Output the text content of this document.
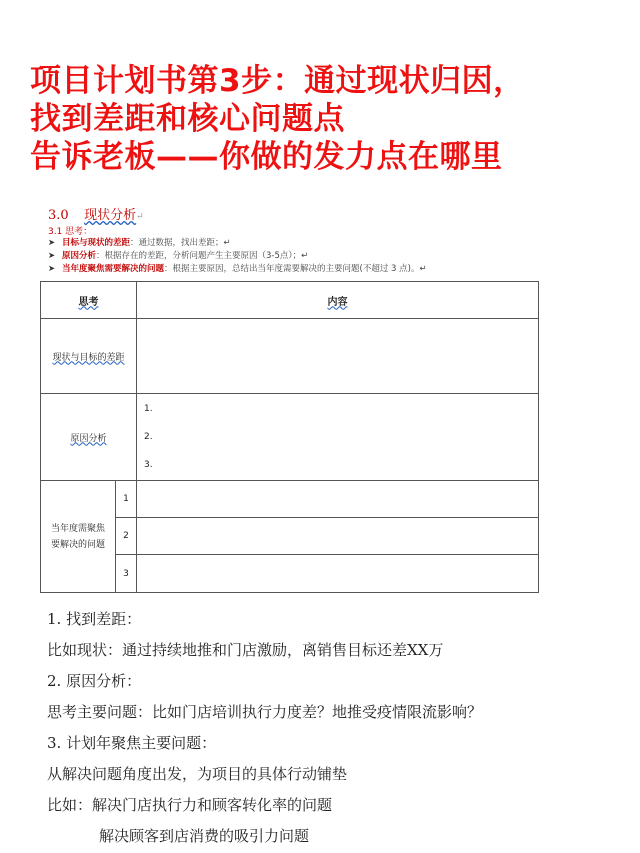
项目计划书第3步：通过现状归因，
找到差距和核心问题点
告诉老板——你做的发力点在哪里
3.0 现状分析↵
3.1 思考：
➤ 目标与现状的差距：通过数据，找出差距；↵
➤ 原因分析：根据存在的差距，分析问题产生主要原因（3-5点）；↵
➤ 当年度聚焦需要解决的问题：根据主要原因，总结出当年度需要解决的主要问题(不超过 3 点)。↵
思考		内容
现状与目标的差距		
原因分析		1.
2.
3.

当年度需聚焦
要解决的问题	1	
	2	
	3	
1. 找到差距：
比如现状：通过持续地推和门店激励，离销售目标还差XX万
2. 原因分析：
思考主要问题：比如门店培训执行力度差？地推受疫情限流影响？
3. 计划年聚焦主要问题：
从解决问题角度出发，为项目的具体行动铺垫
比如：解决门店执行力和顾客转化率的问题
解决顾客到店消费的吸引力问题
